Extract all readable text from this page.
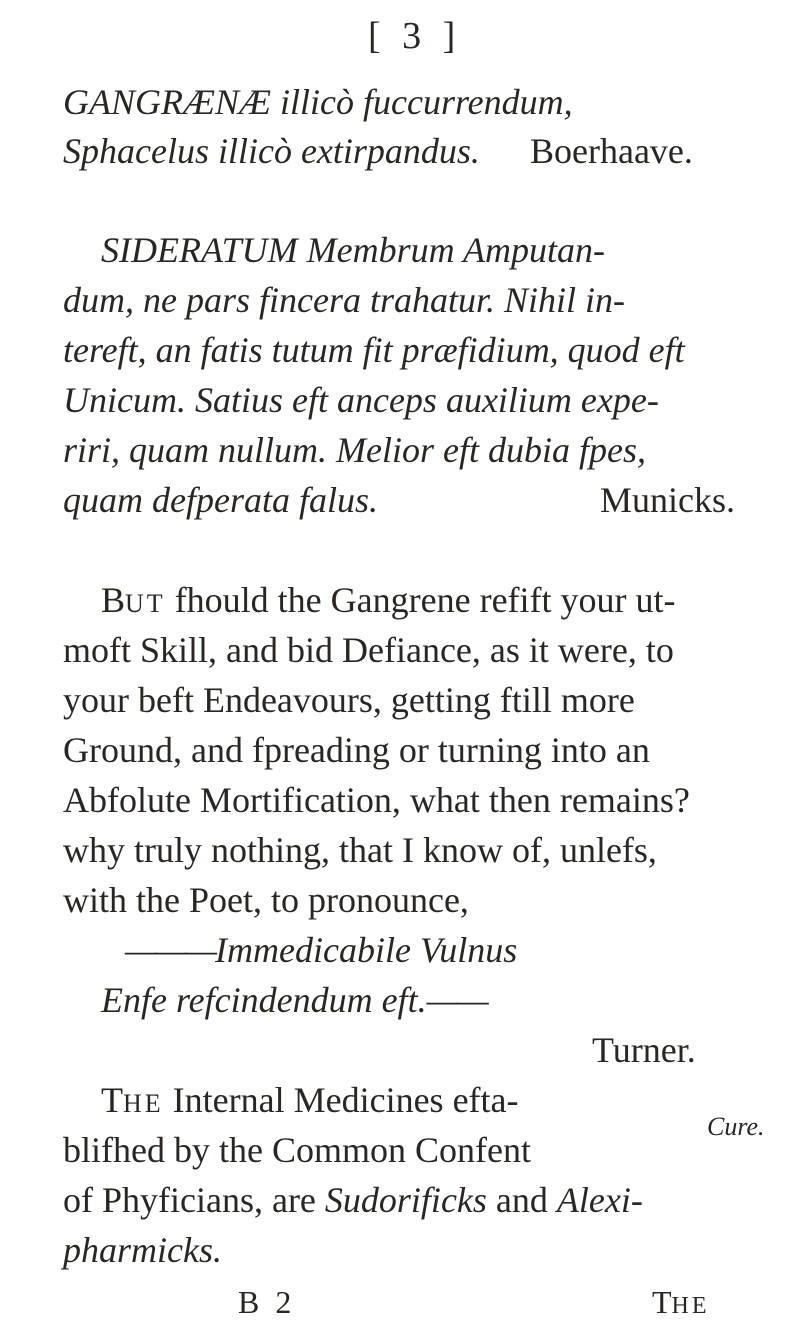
[ 3 ]
GANGRÆNÆ illicò fuccurrendum,
Sphacelus illicò extirpandus. Boerhaave.
SIDERATUM Membrum Amputan-
dum, ne pars fincera trahatur. Nihil in-
tereft, an fatis tutum fit præfidium, quod eft
Unicum. Satius eft anceps auxilium expe-
riri, quam nullum. Melior eft dubia fpes,
quam defperata falus.	Municks.
BUT fhould the Gangrene refift your ut-
moft Skill, and bid Defiance, as it were, to
your beft Endeavours, getting ftill more
Ground, and fpreading or turning into an
Abfolute Mortification, what then remains?
why truly nothing, that I know of, unlefs,
with the Poet, to pronounce,
———Immedicabile Vulnus
Enfe refcindendum eft.——
Turner.
THE Internal Medicines efta-
blifhed by the Common Confent
of Phyficians, are Sudorificks and Alexi-
pharmicks.
Cure.
B 2	THE
